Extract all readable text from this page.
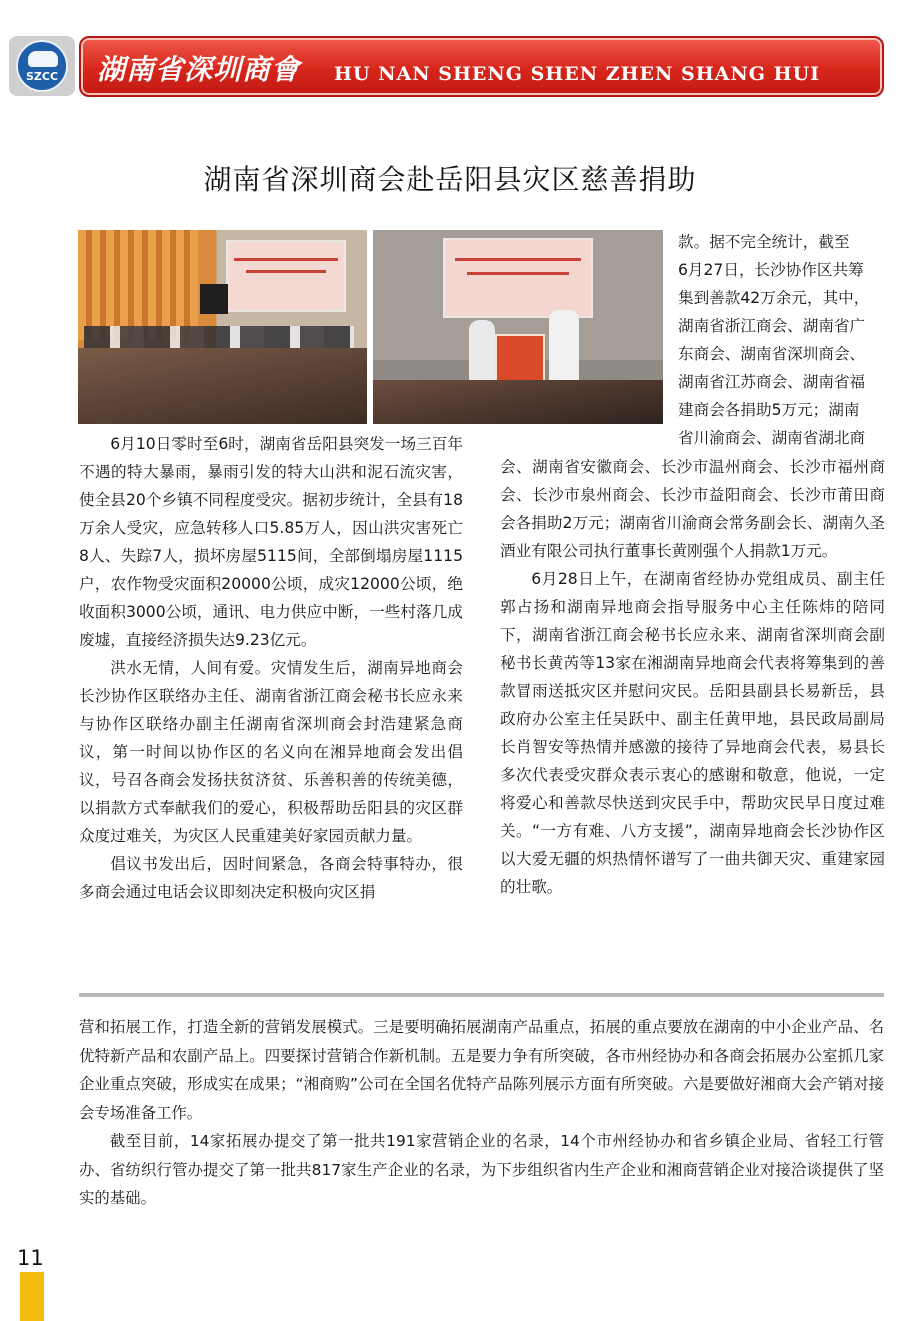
SZCC 湖南省深圳商會 HU NAN SHENG SHEN ZHEN SHANG HUI
湖南省深圳商会赴岳阳县灾区慈善捐助

款。据不完全统计，截至

6月27日，长沙协作区共筹

集到善款42万余元，其中，

湖南省浙江商会、湖南省广

东商会、湖南省深圳商会、

湖南省江苏商会、湖南省福

建商会各捐助5万元；湖南

省川渝商会、湖南省湖北商

6月10日零时至6时，湖南省岳阳县突发一场三百年不遇的特大暴雨，暴雨引发的特大山洪和泥石流灾害，使全县20个乡镇不同程度受灾。据初步统计，全县有18万余人受灾，应急转移人口5.85万人，因山洪灾害死亡8人、失踪7人，损坏房屋5115间，全部倒塌房屋1115户，农作物受灾面积20000公顷，成灾12000公顷，绝收面积3000公顷，通讯、电力供应中断，一些村落几成废墟，直接经济损失达9.23亿元。

洪水无情，人间有爱。灾情发生后，湖南异地商会长沙协作区联络办主任、湖南省浙江商会秘书长应永来与协作区联络办副主任湖南省深圳商会封浩建紧急商议，第一时间以协作区的名义向在湘异地商会发出倡议，号召各商会发扬扶贫济贫、乐善积善的传统美德，以捐款方式奉献我们的爱心，积极帮助岳阳县的灾区群众度过难关，为灾区人民重建美好家园贡献力量。

倡议书发出后，因时间紧急，各商会特事特办，很多商会通过电话会议即刻决定积极向灾区捐

会、湖南省安徽商会、长沙市温州商会、长沙市福州商会、长沙市泉州商会、长沙市益阳商会、长沙市莆田商会各捐助2万元；湖南省川渝商会常务副会长、湖南久圣酒业有限公司执行董事长黄刚强个人捐款1万元。

6月28日上午，在湖南省经协办党组成员、副主任郭占扬和湖南异地商会指导服务中心主任陈炜的陪同下，湖南省浙江商会秘书长应永来、湖南省深圳商会副秘书长黄芮等13家在湘湖南异地商会代表将筹集到的善款冒雨送抵灾区并慰问灾民。岳阳县副县长易新岳，县政府办公室主任吴跃中、副主任黄甲地，县民政局副局长肖智安等热情并感激的接待了异地商会代表，易县长多次代表受灾群众表示衷心的感谢和敬意，他说，一定将爱心和善款尽快送到灾民手中，帮助灾民早日度过难关。“一方有难、八方支援”，湖南异地商会长沙协作区以大爱无疆的炽热情怀谱写了一曲共御天灾、重建家园的壮歌。

营和拓展工作，打造全新的营销发展模式。三是要明确拓展湖南产品重点，拓展的重点要放在湖南的中小企业产品、名优特新产品和农副产品上。四要探讨营销合作新机制。五是要力争有所突破，各市州经协办和各商会拓展办公室抓几家企业重点突破，形成实在成果；“湘商购”公司在全国名优特产品陈列展示方面有所突破。六是要做好湘商大会产销对接会专场准备工作。

截至目前，14家拓展办提交了第一批共191家营销企业的名录，14个市州经协办和省乡镇企业局、省轻工行管办、省纺织行管办提交了第一批共817家生产企业的名录，为下步组织省内生产企业和湘商营销企业对接洽谈提供了坚实的基础。

11
